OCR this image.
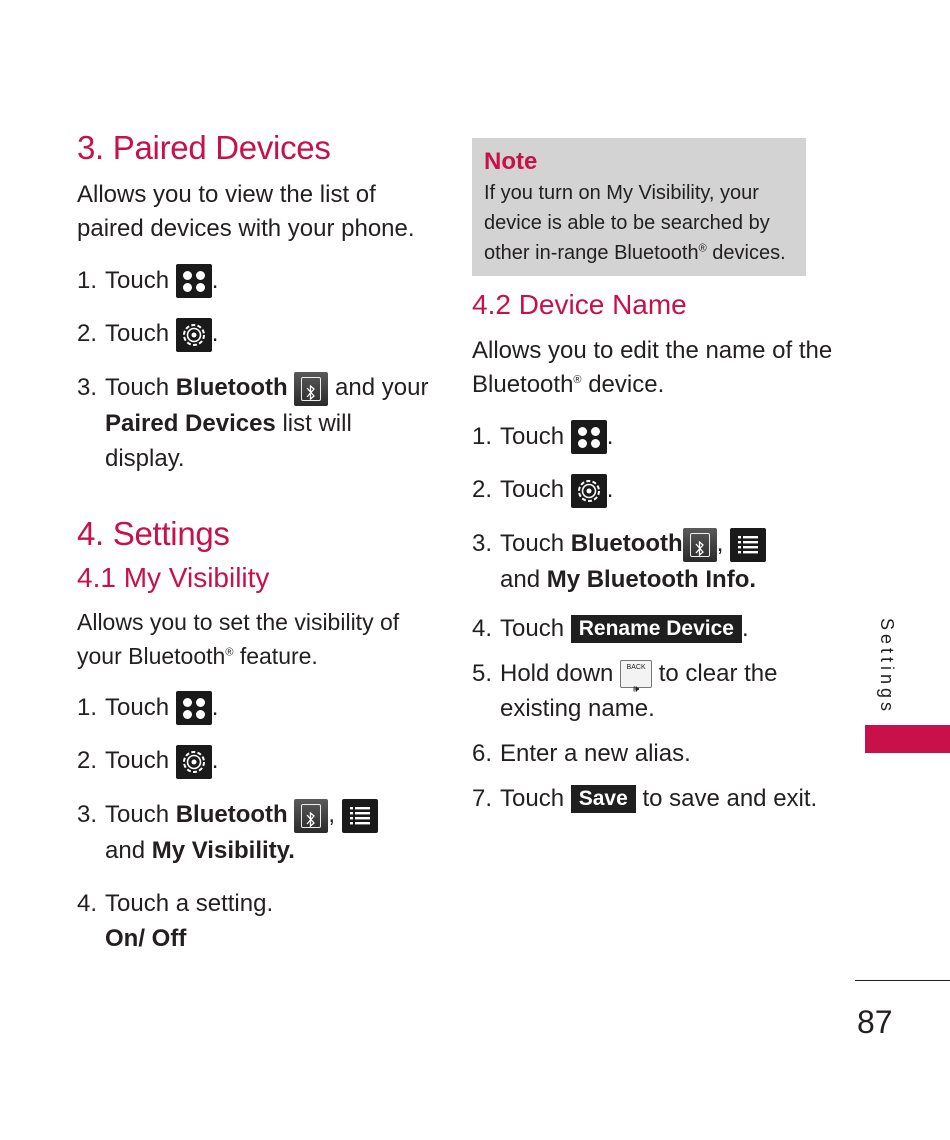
3. Paired Devices

Allows you to view the list of paired devices with your phone.

1. Touch .
2. Touch .
3. Touch Bluetooth and your Paired Devices list will display.
4. Settings
4.1 My Visibility

Allows you to set the visibility of your Bluetooth® feature.

1. Touch .
2. Touch .
3. Touch Bluetooth ,
and My Visibility.
4. Touch a setting.
On/ Off
Note
If you turn on My Visibility, your device is able to be searched by other in-range Bluetooth® devices.
4.2 Device Name

Allows you to edit the name of the Bluetooth® device.

1. Touch .
2. Touch .
3. Touch Bluetooth ,
and My Bluetooth Info.
4. Touch Rename Device .
5. Hold down	BACK
🕪
to clear the existing name.
6. Enter a new alias.
7. Touch Save to save and exit.
Settings
87
